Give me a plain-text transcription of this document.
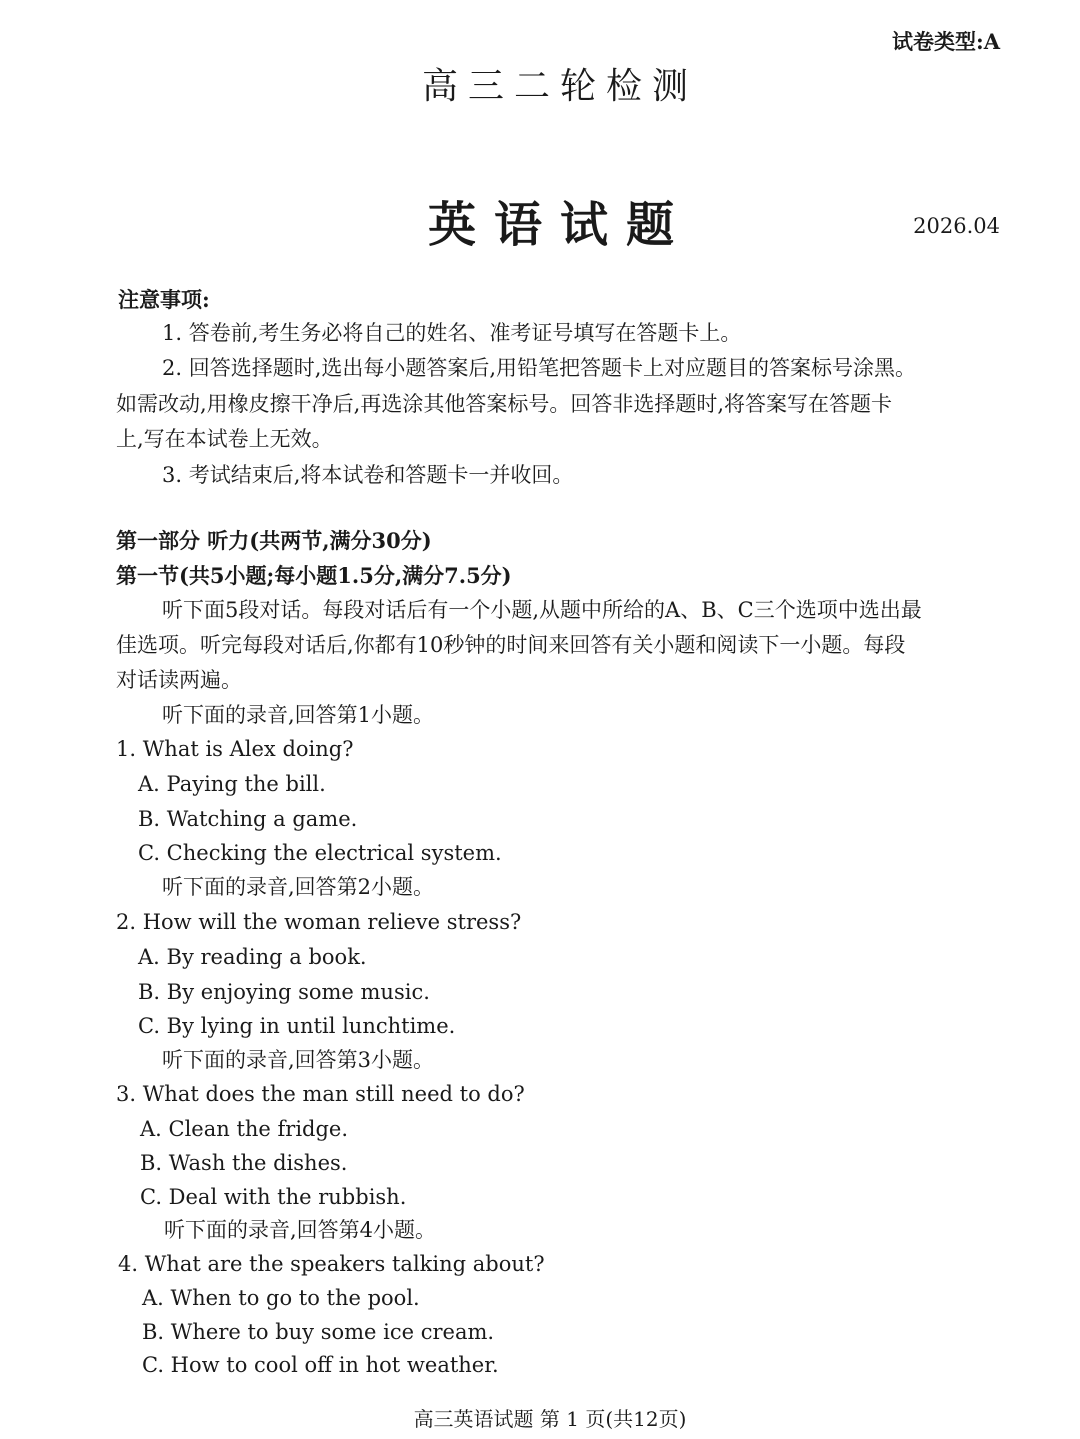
试卷类型:A
高三二轮检测
英语试题	2026.04
注意事项:
1. 答卷前,考生务必将自己的姓名、准考证号填写在答题卡上。
2. 回答选择题时,选出每小题答案后,用铅笔把答题卡上对应题目的答案标号涂黑。
如需改动,用橡皮擦干净后,再选涂其他答案标号。回答非选择题时,将答案写在答题卡
上,写在本试卷上无效。
3. 考试结束后,将本试卷和答题卡一并收回。
第一部分 听力(共两节,满分30分)
第一节(共5小题;每小题1.5分,满分7.5分)
听下面5段对话。每段对话后有一个小题,从题中所给的A、B、C三个选项中选出最
佳选项。听完每段对话后,你都有10秒钟的时间来回答有关小题和阅读下一小题。每段
对话读两遍。
听下面的录音,回答第1小题。
1. What is Alex doing?
A. Paying the bill.
B. Watching a game.
C. Checking the electrical system.
听下面的录音,回答第2小题。
2. How will the woman relieve stress?
A. By reading a book.
B. By enjoying some music.
C. By lying in until lunchtime.
听下面的录音,回答第3小题。
3. What does the man still need to do?
A. Clean the fridge.
B. Wash the dishes.
C. Deal with the rubbish.
听下面的录音,回答第4小题。
4. What are the speakers talking about?
A. When to go to the pool.
B. Where to buy some ice cream.
C. How to cool off in hot weather.
高三英语试题 第 1 页(共12页)
